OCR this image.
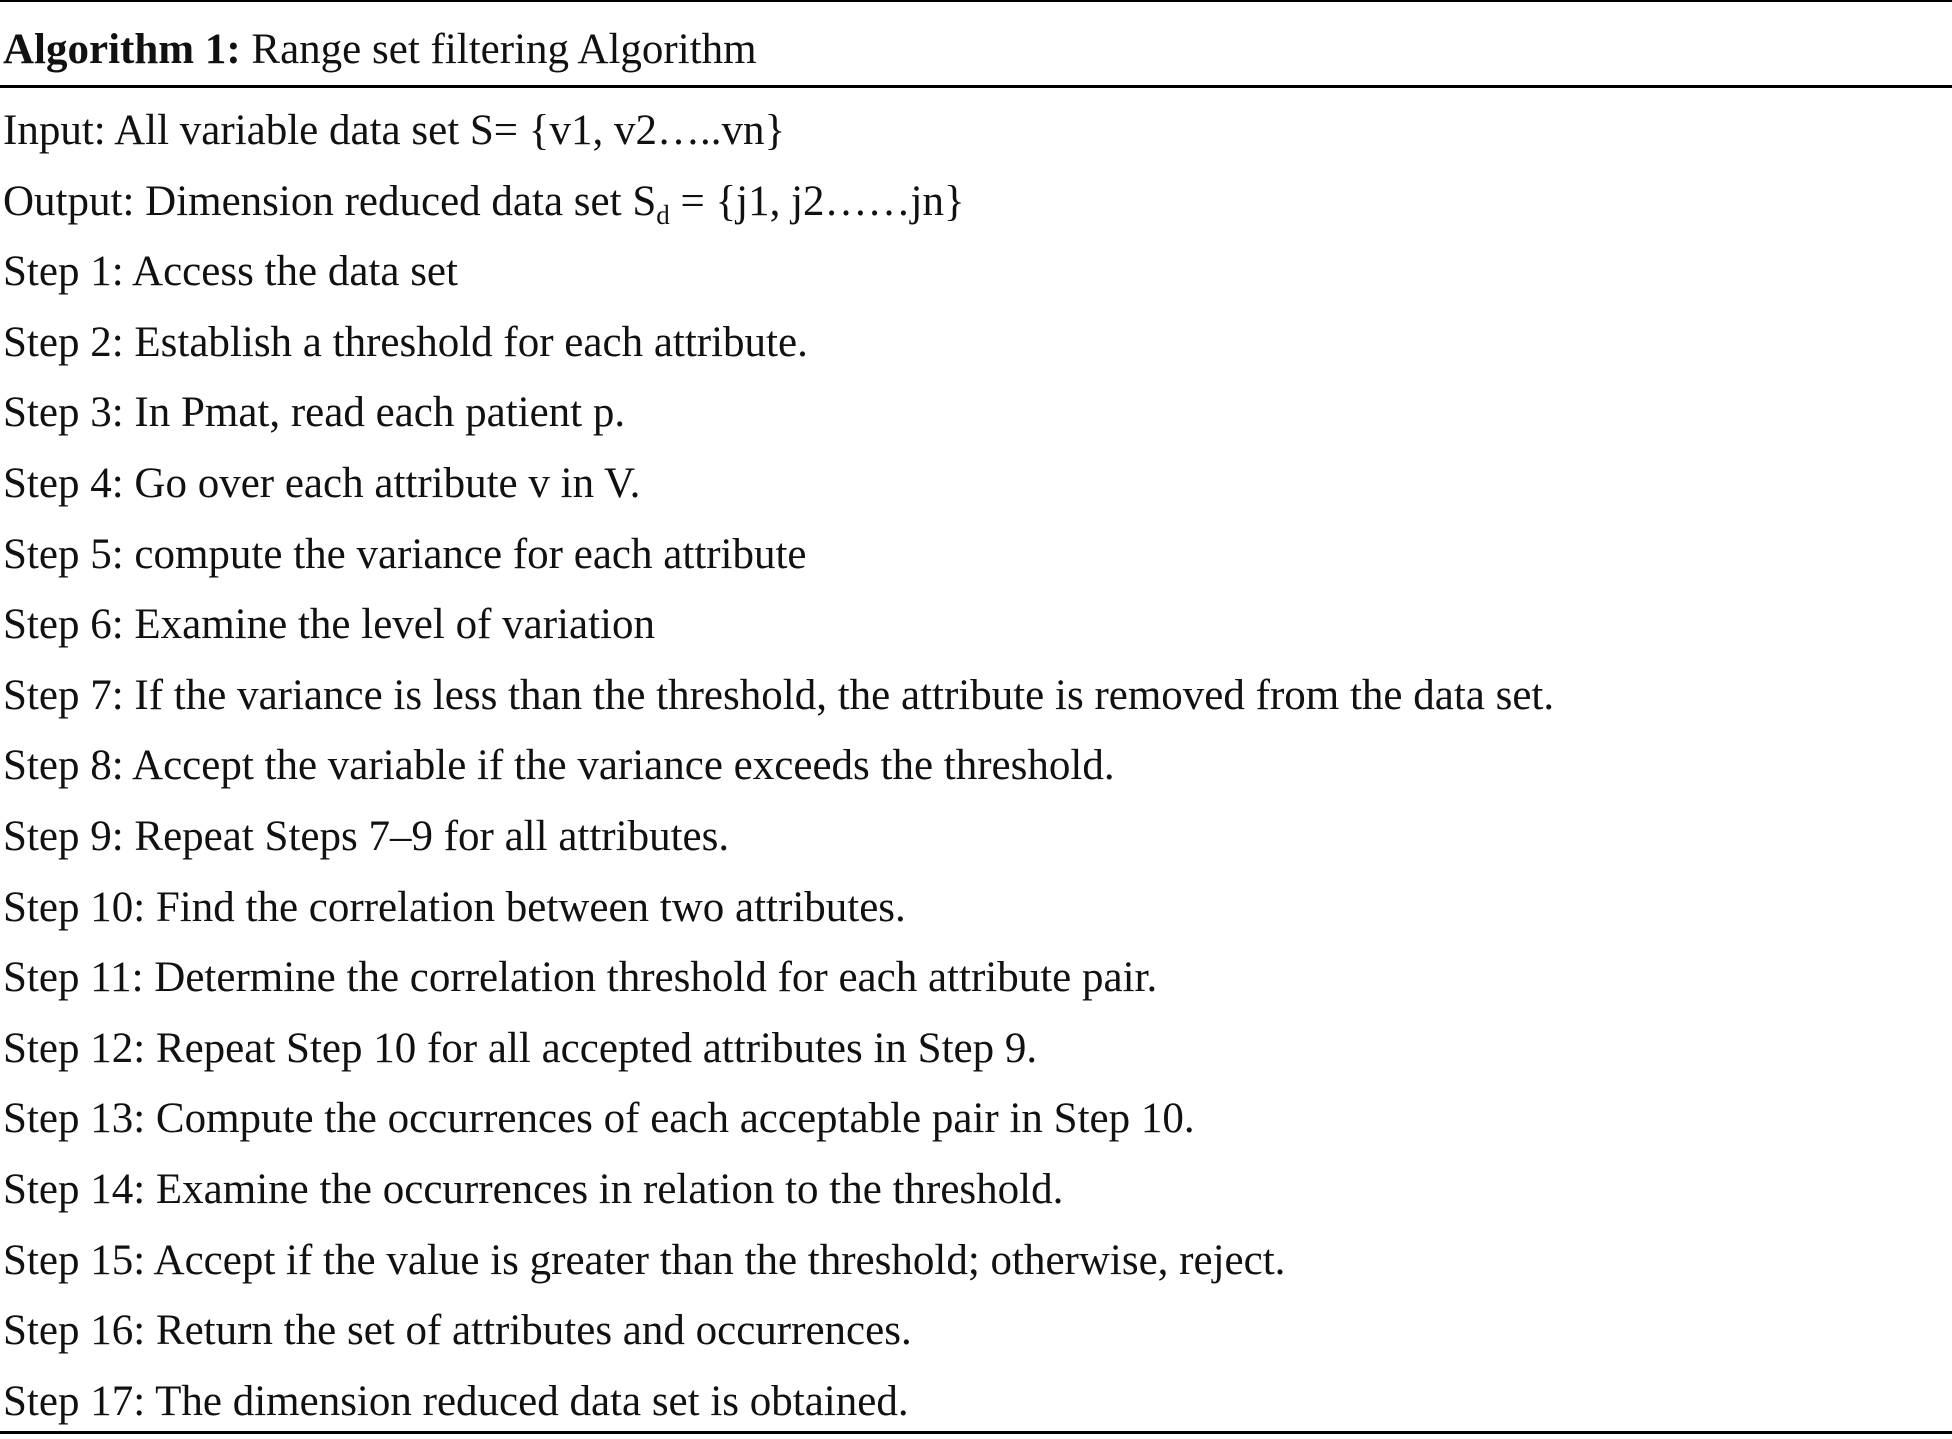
Algorithm 1: Range set filtering Algorithm
Input: All variable data set S= {v1, v2…..vn}
Output: Dimension reduced data set $S_d = \{j1$, j2……jn}
Step 1: Access the data set
Step 2: Establish a threshold for each attribute.
Step 3: In Pmat, read each patient p.
Step 4: Go over each attribute v in V.
Step 5: compute the variance for each attribute
Step 6: Examine the level of variation
Step 7: If the variance is less than the threshold, the attribute is removed from the data set.
Step 8: Accept the variable if the variance exceeds the threshold.
Step 9: Repeat Steps 7–9 for all attributes.
Step 10: Find the correlation between two attributes.
Step 11: Determine the correlation threshold for each attribute pair.
Step 12: Repeat Step 10 for all accepted attributes in Step 9.
Step 13: Compute the occurrences of each acceptable pair in Step 10.
Step 14: Examine the occurrences in relation to the threshold.
Step 15: Accept if the value is greater than the threshold; otherwise, reject.
Step 16: Return the set of attributes and occurrences.
Step 17: The dimension reduced data set is obtained.
